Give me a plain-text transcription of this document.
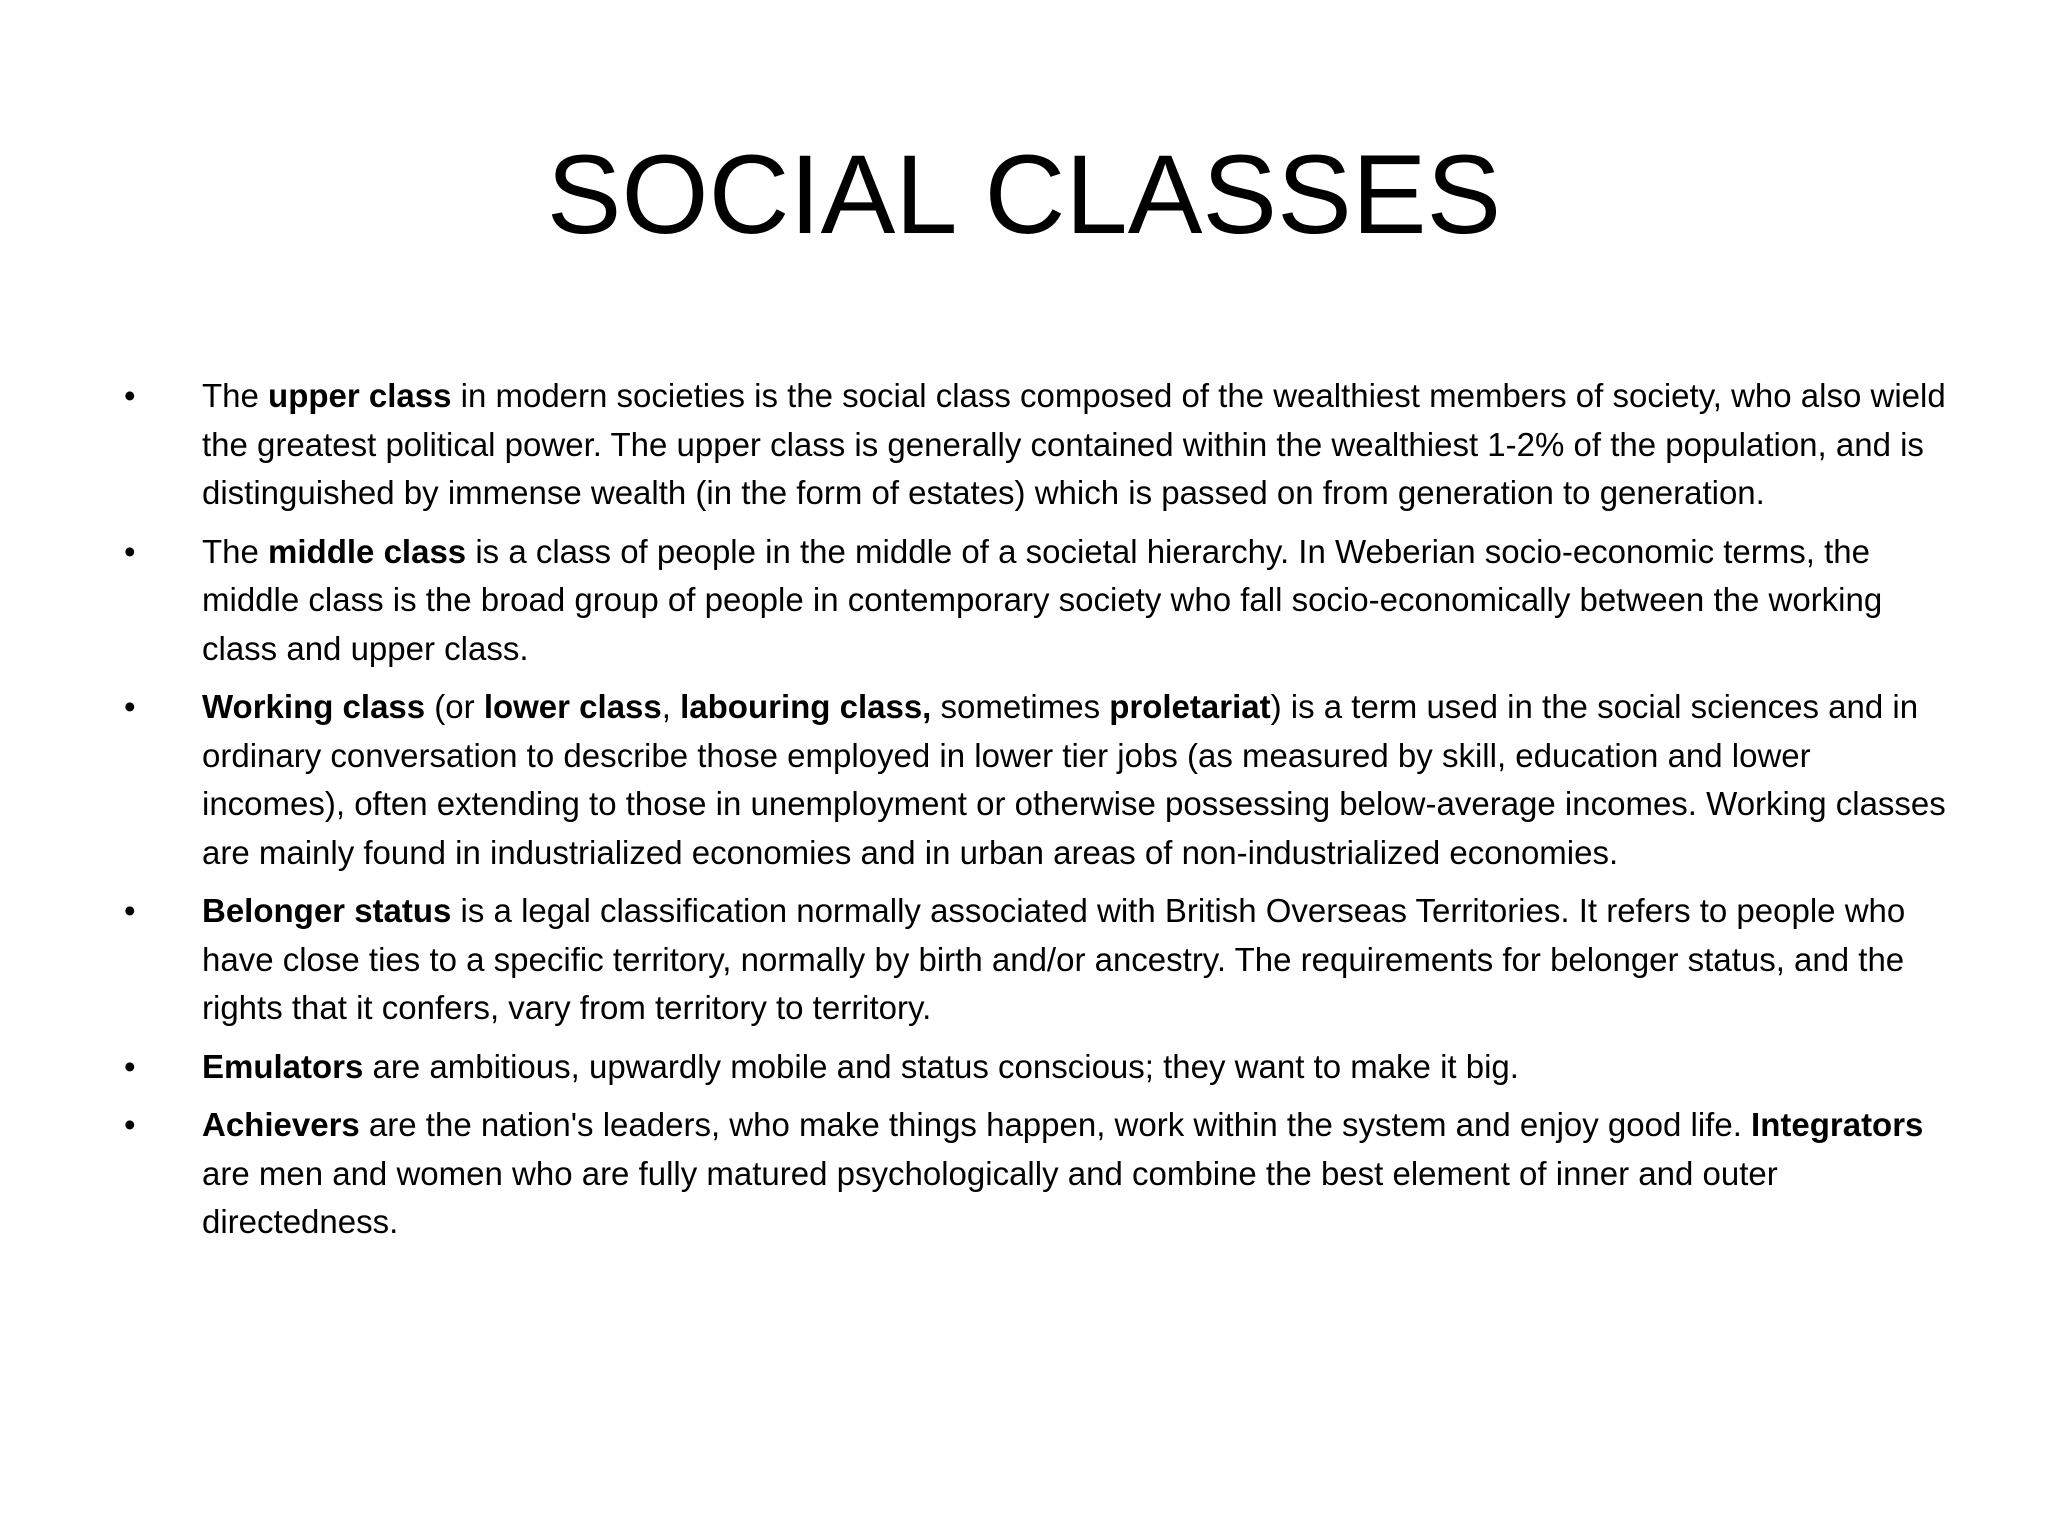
SOCIAL CLASSES
•	The upper class in modern societies is the social class composed of the wealthiest members of society, who also wield the greatest political power. The upper class is generally contained within the wealthiest 1-2% of the population, and is distinguished by immense wealth (in the form of estates) which is passed on from generation to generation.
•	The middle class is a class of people in the middle of a societal hierarchy. In Weberian socio-economic terms, the middle class is the broad group of people in contemporary society who fall socio-economically between the working class and upper class.
•	Working class (or lower class, labouring class, sometimes proletariat) is a term used in the social sciences and in ordinary conversation to describe those employed in lower tier jobs (as measured by skill, education and lower incomes), often extending to those in unemployment or otherwise possessing below-average incomes. Working classes are mainly found in industrialized economies and in urban areas of non-industrialized economies.
•	Belonger status is a legal classification normally associated with British Overseas Territories. It refers to people who have close ties to a specific territory, normally by birth and/or ancestry. The requirements for belonger status, and the rights that it confers, vary from territory to territory.
•	Emulators are ambitious, upwardly mobile and status conscious; they want to make it big.
•	Achievers are the nation's leaders, who make things happen, work within the system and enjoy good life. Integrators are men and women who are fully matured psychologically and combine the best element of inner and outer directedness.
